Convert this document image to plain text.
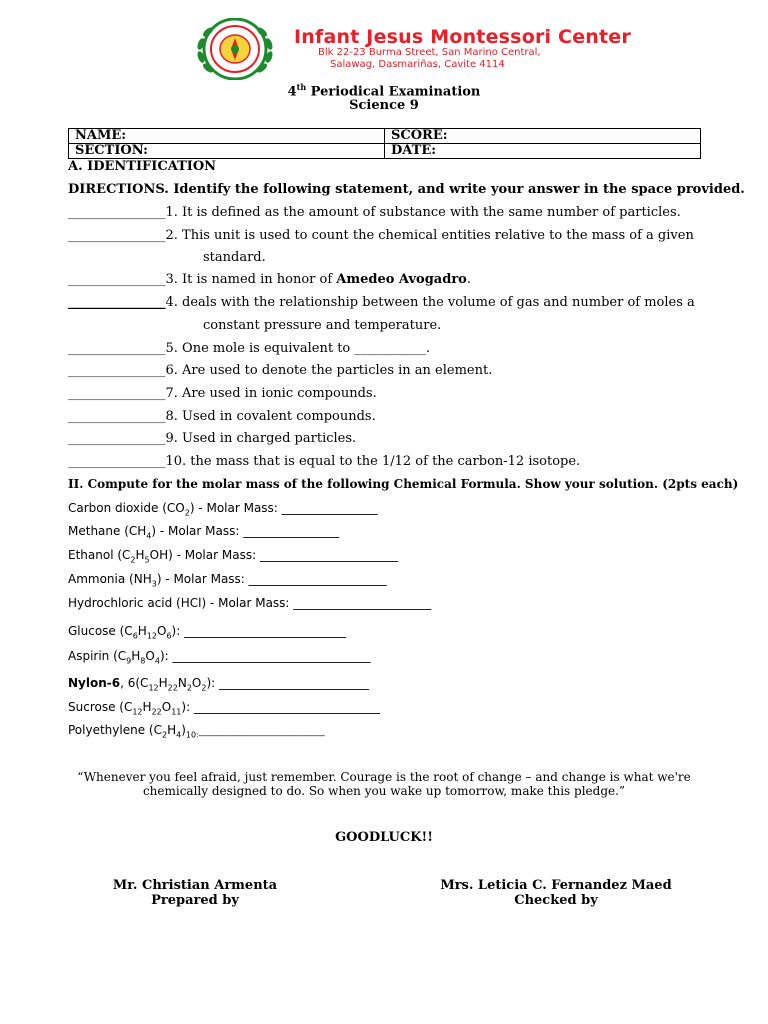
Infant Jesus Montessori Center
Blk 22-23 Burma Street, San Marino Central,
Salawag, Dasmariñas, Cavite 4114
4th Periodical Examination
Science 9
NAME:	SCORE:
SECTION:	DATE:
A. IDENTIFICATION
DIRECTIONS. Identify the following statement, and write your answer in the space provided.
_______________1. It is defined as the amount of substance with the same number of particles.
_______________2. This unit is used to count the chemical entities relative to the mass of a given
standard.
_______________3. It is named in honor of Amedeo Avogadro.
_______________4. deals with the relationship between the volume of gas and number of moles a
constant pressure and temperature.
_______________5. One mole is equivalent to ___________.
_______________6. Are used to denote the particles in an element.
_______________7. Are used in ionic compounds.
_______________8. Used in covalent compounds.
_______________9. Used in charged particles.
_______________10. the mass that is equal to the 1/12 of the carbon-12 isotope.
II. Compute for the molar mass of the following Chemical Formula. Show your solution. (2pts each)
Carbon dioxide $(CO_2)$ - Molar Mass: ________________
Methane $(CH_4)$ - Molar Mass: ________________
Ethanol $(C_2H_5OH)$ - Molar Mass: _______________________
Ammonia $(NH_3)$ - Molar Mass: _______________________
Hydrochloric acid (HCl) - Molar Mass: _______________________
Glucose $(C_6H_{12}O_6)$: ___________________________
Aspirin $(C_9H_8O_4)$: _________________________________
Nylon-6, $6(C_{12}H_{22}N_2O_2)$: _________________________
Sucrose $(C_{12}H_{22}O_{11})$: _______________________________
Polyethylene $(C_2H_4)_{10:}\_\_\_\_\_\_\_\_\_\_\_\_\_\_\_\_\_\_\_\_\_\_\_\_\_\_\_\_$
“Whenever you feel afraid, just remember. Courage is the root of change – and change is what we're chemically designed to do. So when you wake up tomorrow, make this pledge.”
GOODLUCK!!
Mr. Christian Armenta
Prepared by
Mrs. Leticia C. Fernandez Maed
Checked by
